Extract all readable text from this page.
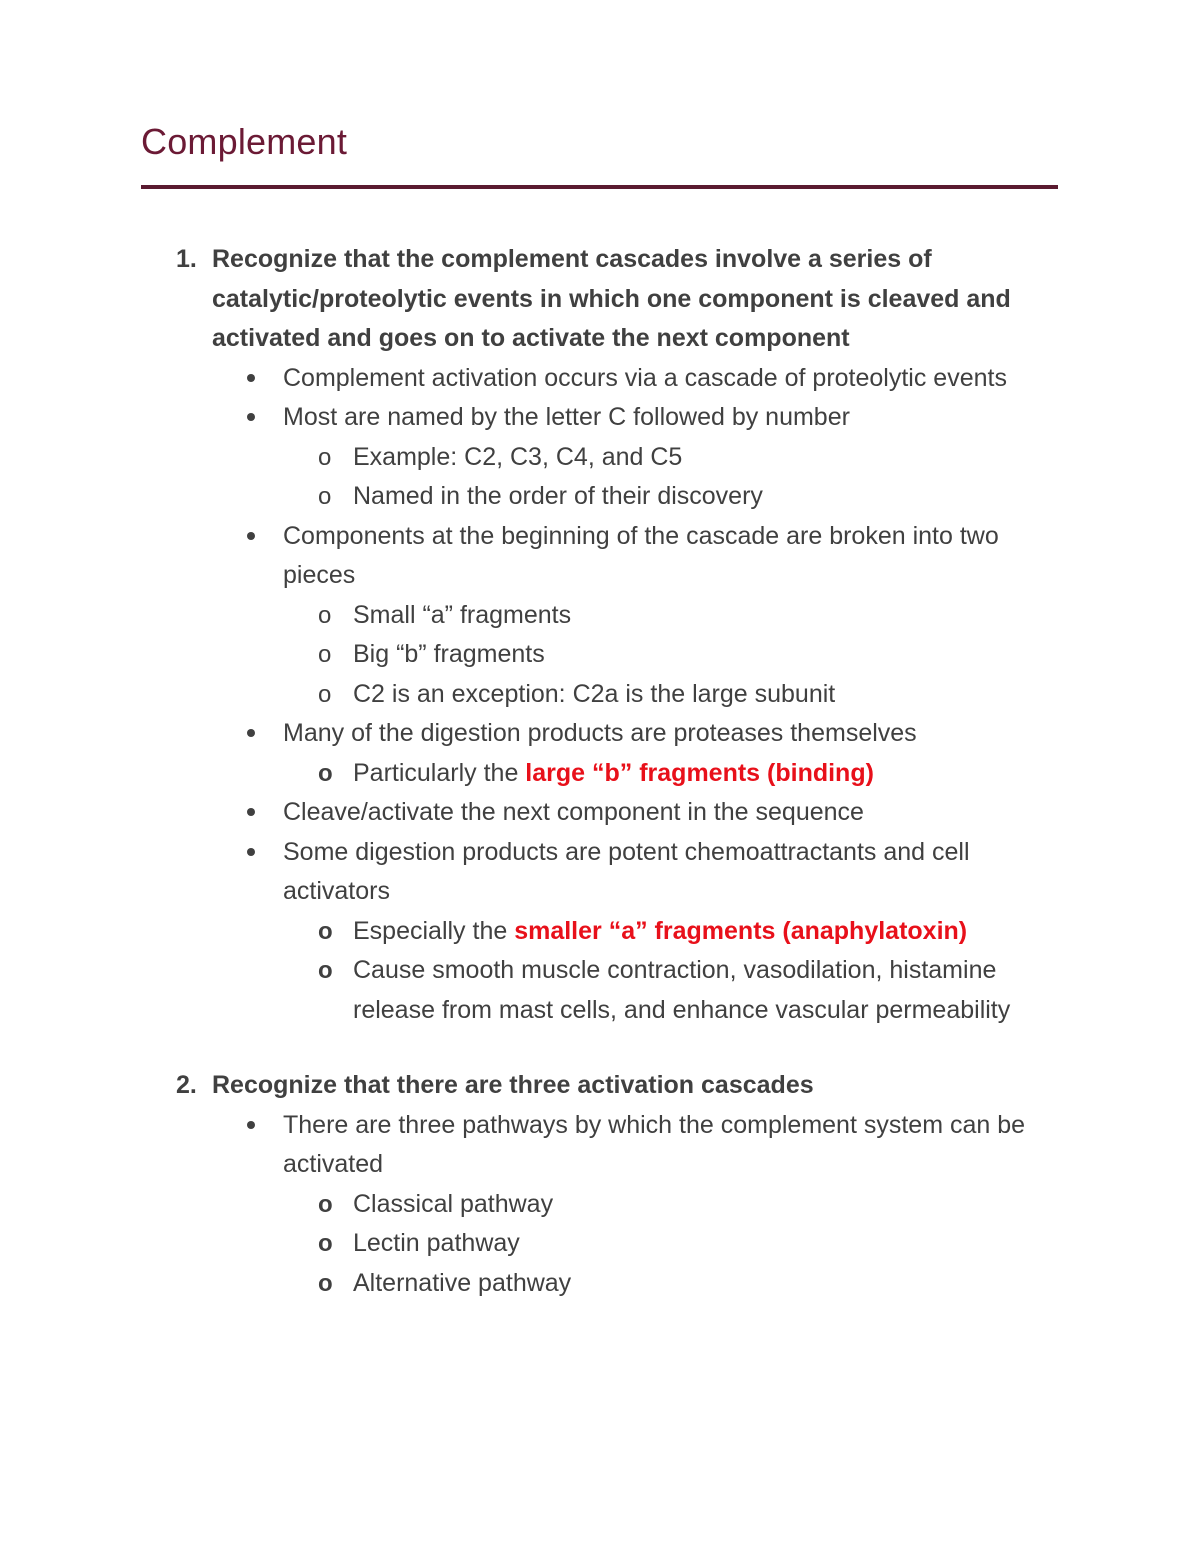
Complement
1. Recognize that the complement cascades involve a series of catalytic/proteolytic events in which one component is cleaved and activated and goes on to activate the next component
Complement activation occurs via a cascade of proteolytic events
Most are named by the letter C followed by number
o Example: C2, C3, C4, and C5
o Named in the order of their discovery
Components at the beginning of the cascade are broken into two pieces
o Small “a” fragments
o Big “b” fragments
o C2 is an exception: C2a is the large subunit
Many of the digestion products are proteases themselves
o Particularly the large “b” fragments (binding)
Cleave/activate the next component in the sequence
Some digestion products are potent chemoattractants and cell activators
o Especially the smaller “a” fragments (anaphylatoxin)
o Cause smooth muscle contraction, vasodilation, histamine release from mast cells, and enhance vascular permeability
2. Recognize that there are three activation cascades
There are three pathways by which the complement system can be activated
o Classical pathway
o Lectin pathway
o Alternative pathway
